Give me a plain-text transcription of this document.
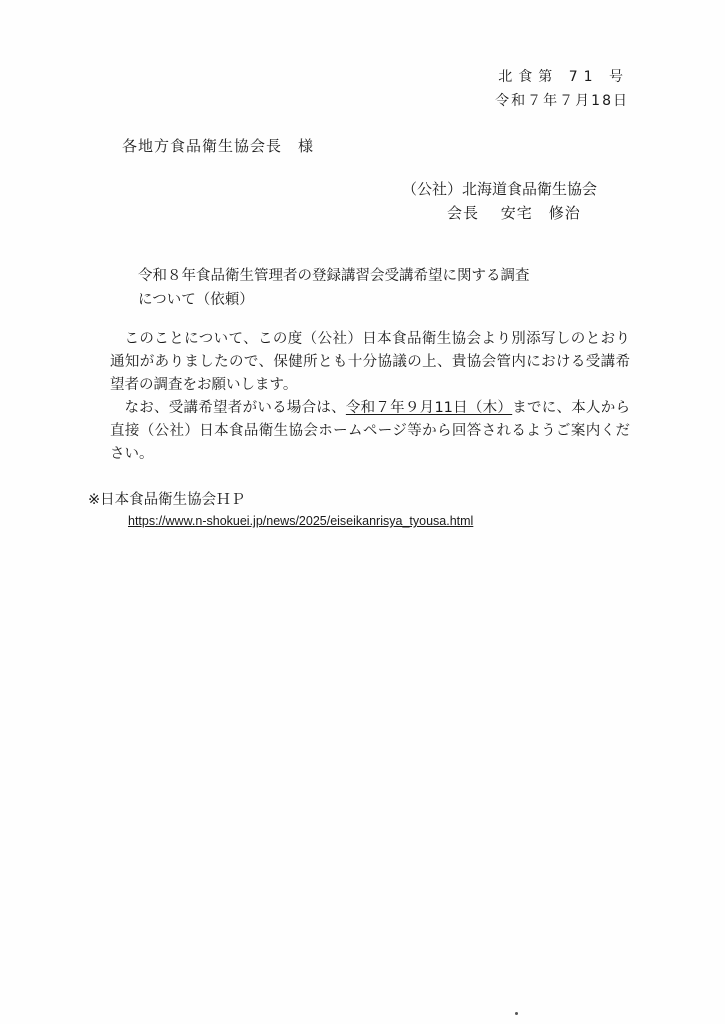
北食第 71 号
令和７年７月18日
各地方食品衛生協会長　様
（公社）北海道食品衛生協会
会長　 安宅　修治
令和８年食品衛生管理者の登録講習会受講希望に関する調査
について（依頼）

このことについて、この度（公社）日本食品衛生協会より別添写しのとおり通知がありましたので、保健所とも十分協議の上、貴協会管内における受講希望者の調査をお願いします。

なお、受講希望者がいる場合は、令和７年９月11日（木）までに、本人から直接（公社）日本食品衛生協会ホームページ等から回答されるようご案内ください。

※日本食品衛生協会ＨＰ
https://www.n-shokuei.jp/news/2025/eiseikanrisya_tyousa.html
